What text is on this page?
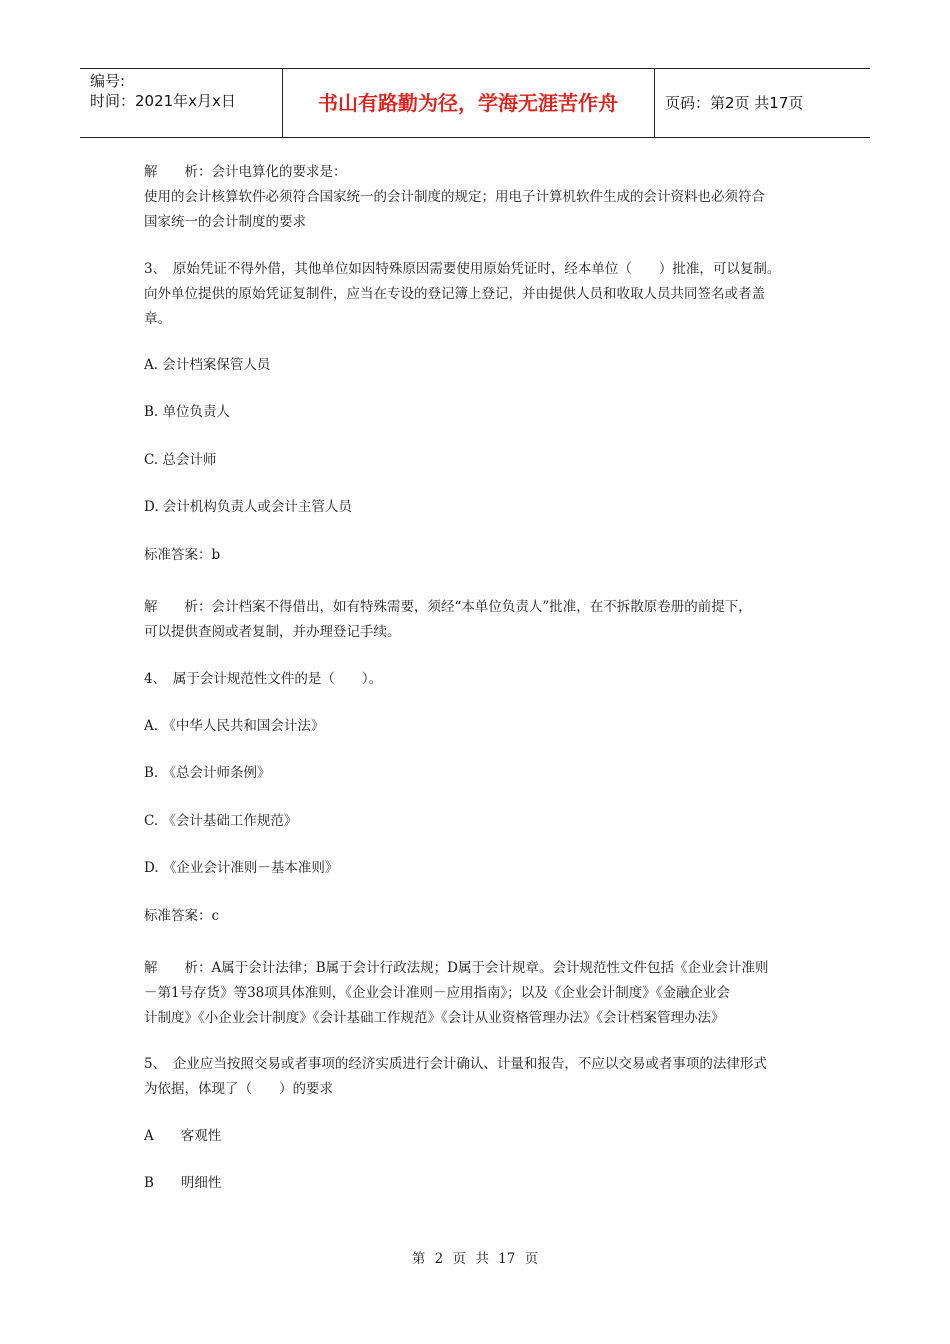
编号:
时间：2021年x月x日	书山有路勤为径，学海无涯苦作舟	页码：第2页 共17页
解　　析：会计电算化的要求是：
使用的会计核算软件必须符合国家统一的会计制度的规定；用电子计算机软件生成的会计资料也必须符合
国家统一的会计制度的要求
3、　原始凭证不得外借，其他单位如因特殊原因需要使用原始凭证时，经本单位（　　）批准，可以复制。
向外单位提供的原始凭证复制件，应当在专设的登记簿上登记，并由提供人员和收取人员共同签名或者盖
章。
A. 会计档案保管人员
B. 单位负责人
C. 总会计师
D. 会计机构负责人或会计主管人员
标准答案：b
解　　析：会计档案不得借出，如有特殊需要，须经“本单位负责人”批准，在不拆散原卷册的前提下，
可以提供查阅或者复制，并办理登记手续。
4、　属于会计规范性文件的是（　　）。
A. 《中华人民共和国会计法》
B. 《总会计师条例》
C. 《会计基础工作规范》
D. 《企业会计准则－基本准则》
标准答案：c
解　　析：A属于会计法律；B属于会计行政法规；D属于会计规章。会计规范性文件包括《企业会计准则
－第1号存货》等38项具体准则，《企业会计准则－应用指南》；以及《企业会计制度》《金融企业会
计制度》《小企业会计制度》《会计基础工作规范》《会计从业资格管理办法》《会计档案管理办法》
5、　企业应当按照交易或者事项的经济实质进行会计确认、计量和报告，不应以交易或者事项的法律形式
为依据，体现了（　　）的要求
A　　客观性
B　　明细性
第 2 页 共 17 页
